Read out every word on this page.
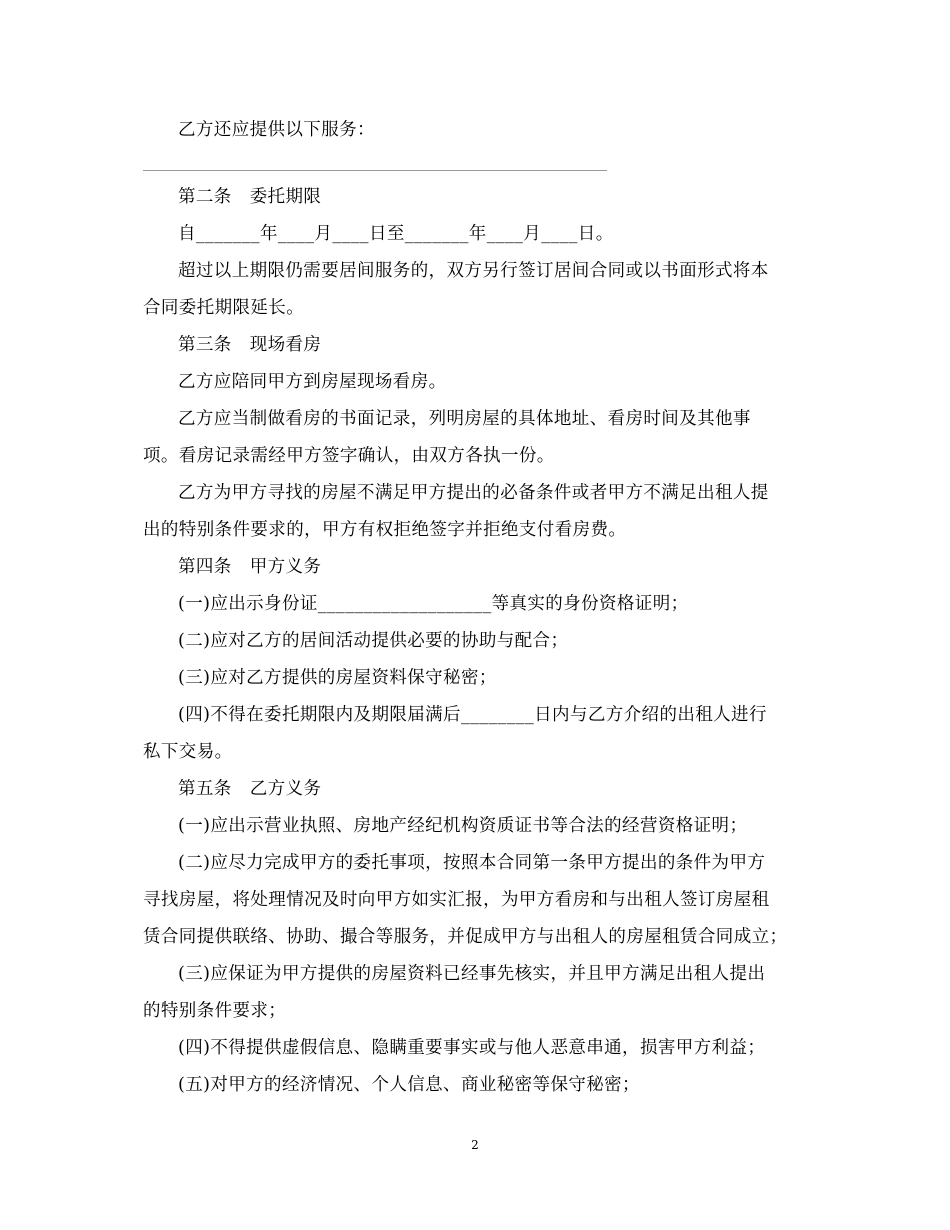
乙方还应提供以下服务：
第二条 委托期限
自_______年____月____日至_______年____月____日。
超过以上期限仍需要居间服务的，双方另行签订居间合同或以书面形式将本
合同委托期限延长。
第三条 现场看房
乙方应陪同甲方到房屋现场看房。
乙方应当制做看房的书面记录，列明房屋的具体地址、看房时间及其他事
项。看房记录需经甲方签字确认，由双方各执一份。
乙方为甲方寻找的房屋不满足甲方提出的必备条件或者甲方不满足出租人提
出的特别条件要求的，甲方有权拒绝签字并拒绝支付看房费。
第四条 甲方义务
(一)应出示身份证___________________等真实的身份资格证明；
(二)应对乙方的居间活动提供必要的协助与配合；
(三)应对乙方提供的房屋资料保守秘密；
(四)不得在委托期限内及期限届满后________日内与乙方介绍的出租人进行
私下交易。
第五条 乙方义务
(一)应出示营业执照、房地产经纪机构资质证书等合法的经营资格证明；
(二)应尽力完成甲方的委托事项，按照本合同第一条甲方提出的条件为甲方
寻找房屋，将处理情况及时向甲方如实汇报，为甲方看房和与出租人签订房屋租
赁合同提供联络、协助、撮合等服务，并促成甲方与出租人的房屋租赁合同成立；
(三)应保证为甲方提供的房屋资料已经事先核实，并且甲方满足出租人提出
的特别条件要求；
(四)不得提供虚假信息、隐瞒重要事实或与他人恶意串通，损害甲方利益；
(五)对甲方的经济情况、个人信息、商业秘密等保守秘密；
2
